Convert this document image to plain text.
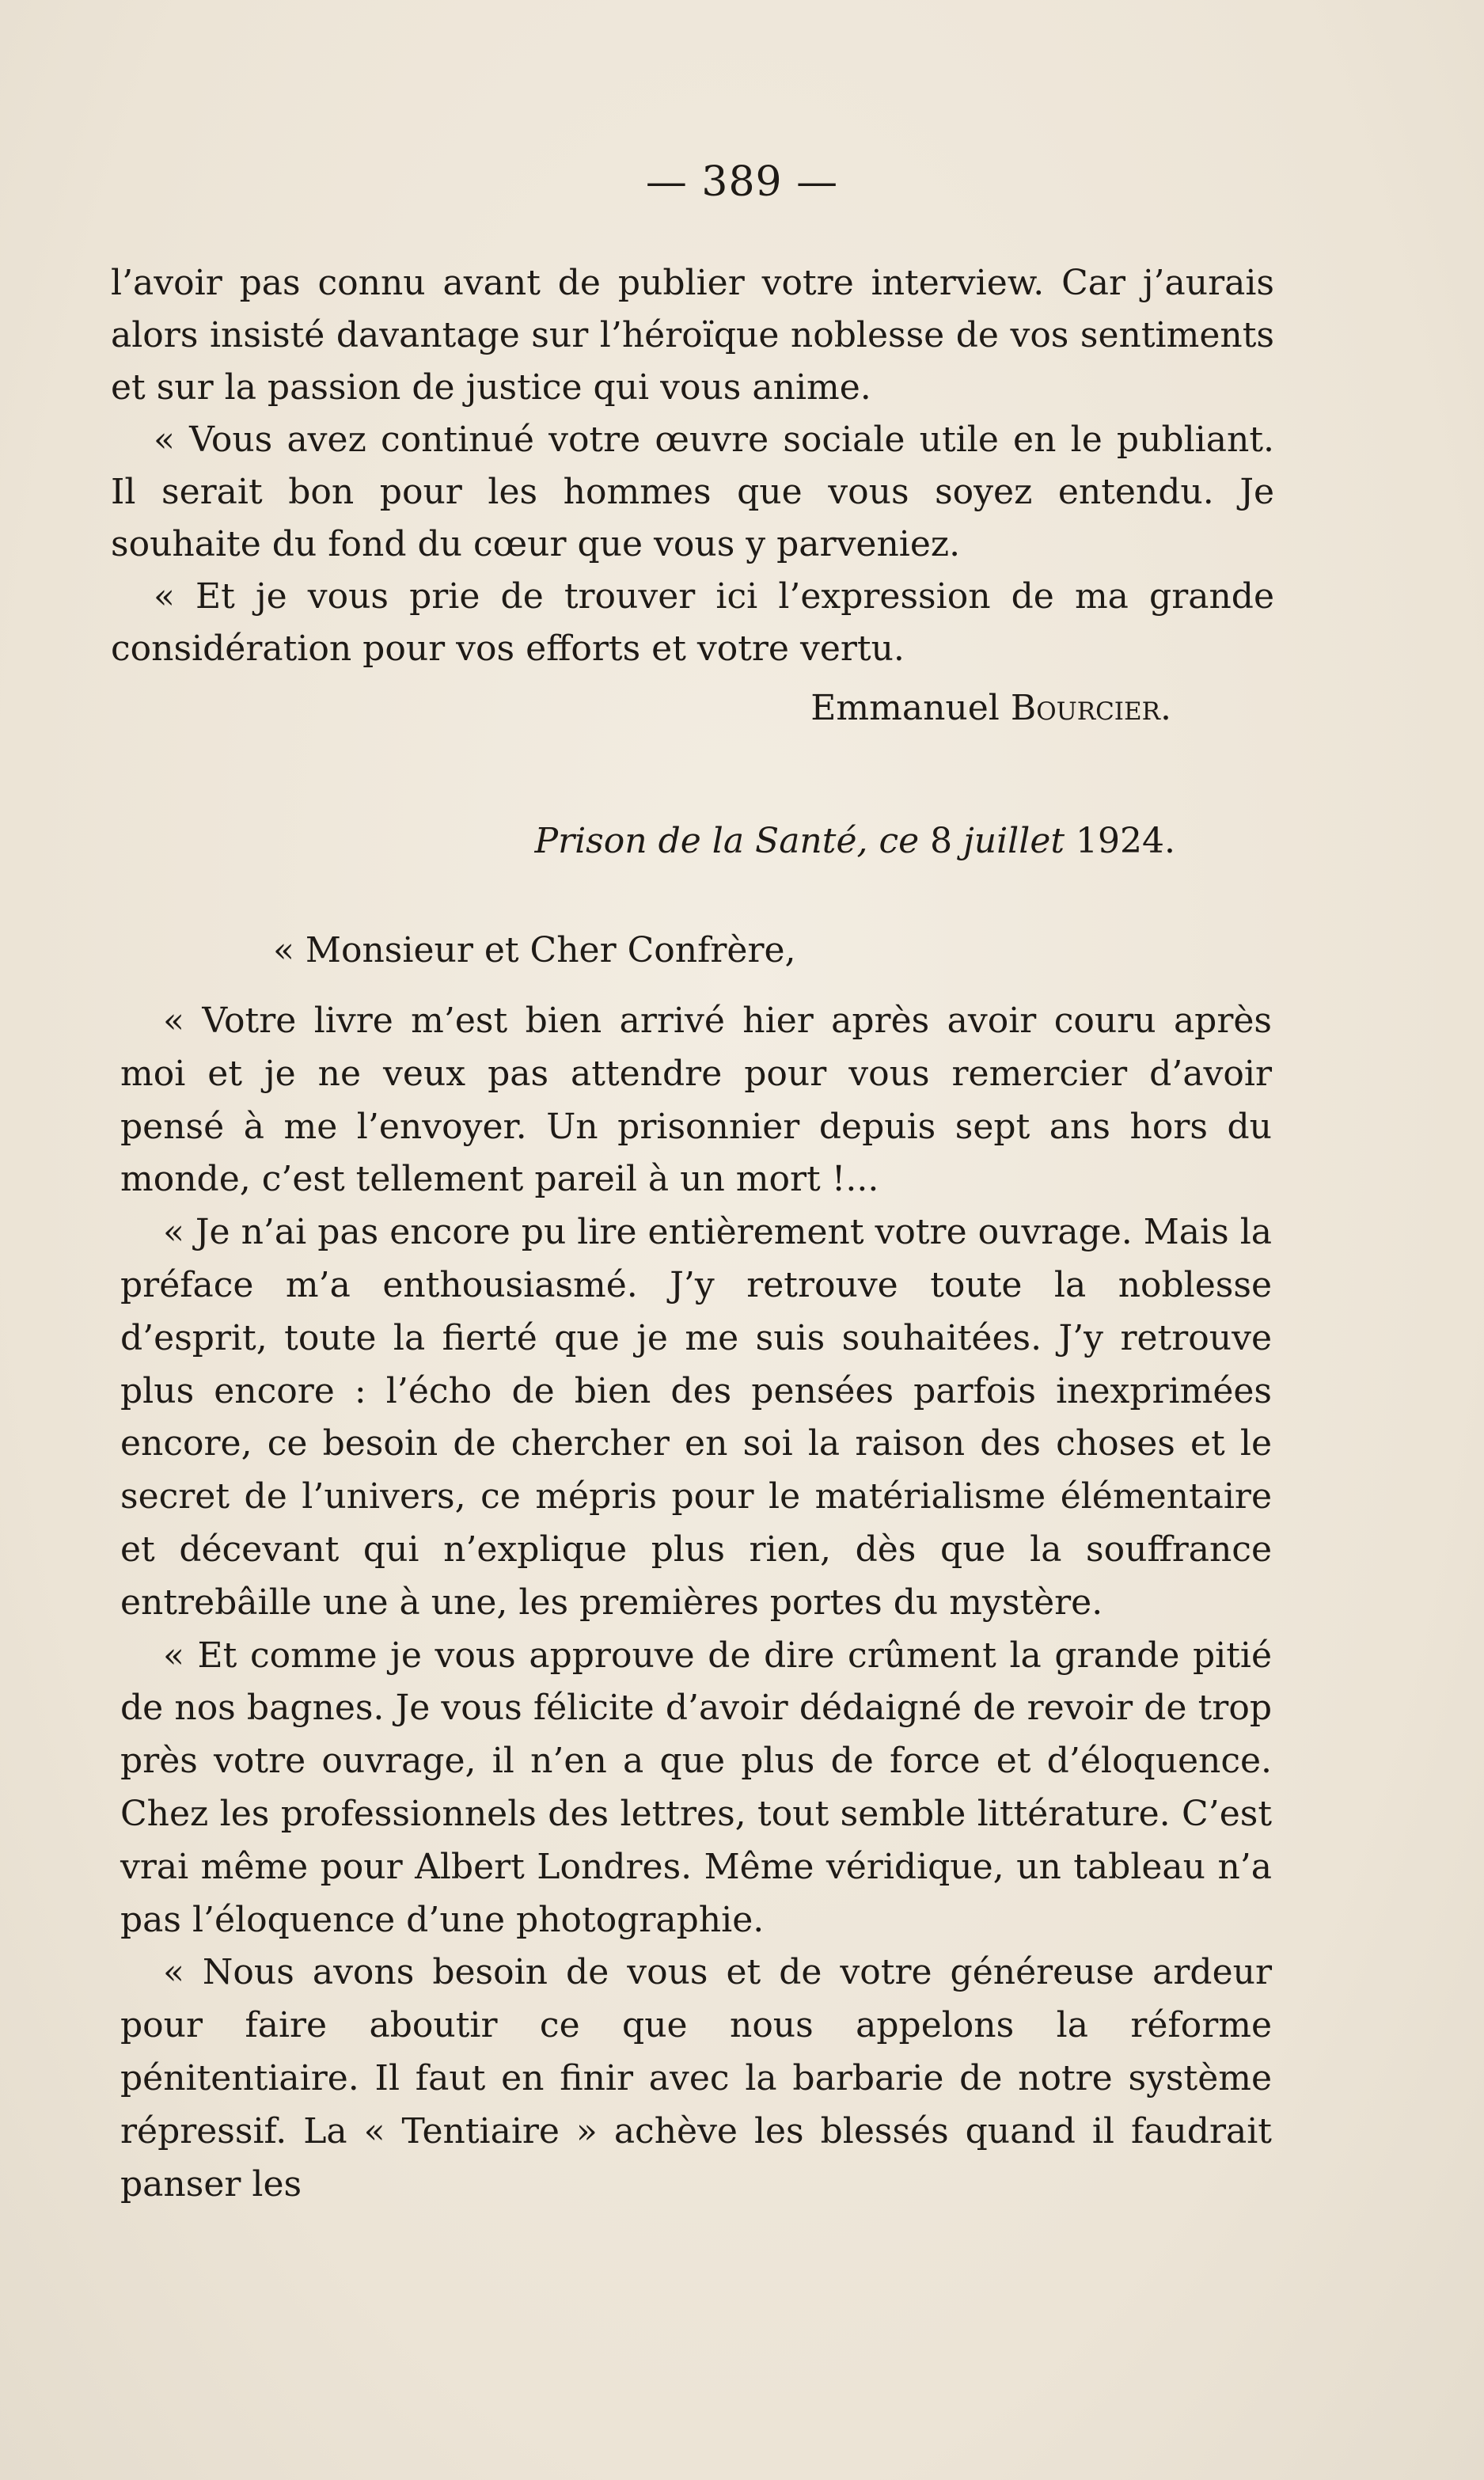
— 389 —

l’avoir pas connu avant de publier votre interview. Car j’aurais alors insisté davantage sur l’héroïque noblesse de vos sentiments et sur la passion de justice qui vous anime.

« Vous avez continué votre œuvre sociale utile en le publiant. Il serait bon pour les hommes que vous soyez entendu. Je souhaite du fond du cœur que vous y parveniez.

« Et je vous prie de trouver ici l’expression de ma grande considération pour vos efforts et votre vertu.

Emmanuel Bourcier.
Prison de la Santé, ce 8 juillet 1924.
« Monsieur et Cher Confrère,

« Votre livre m’est bien arrivé hier après avoir couru après moi et je ne veux pas attendre pour vous remercier d’avoir pensé à me l’envoyer. Un prisonnier depuis sept ans hors du monde, c’est tellement pareil à un mort !...

« Je n’ai pas encore pu lire entièrement votre ouvrage. Mais la préface m’a enthousiasmé. J’y retrouve toute la noblesse d’esprit, toute la fierté que je me suis souhaitées. J’y retrouve plus encore : l’écho de bien des pensées parfois inexprimées encore, ce besoin de chercher en soi la raison des choses et le secret de l’univers, ce mépris pour le matérialisme élémentaire et décevant qui n’explique plus rien, dès que la souffrance entrebâille une à une, les premières portes du mystère.

« Et comme je vous approuve de dire crûment la grande pitié de nos bagnes. Je vous félicite d’avoir dédaigné de revoir de trop près votre ouvrage, il n’en a que plus de force et d’éloquence. Chez les professionnels des lettres, tout semble littérature. C’est vrai même pour Albert Londres. Même véridique, un tableau n’a pas l’éloquence d’une photographie.

« Nous avons besoin de vous et de votre généreuse ardeur pour faire aboutir ce que nous appelons la réforme pénitentiaire. Il faut en finir avec la barbarie de notre système répressif. La « Tentiaire » achève les blessés quand il faudrait panser les
